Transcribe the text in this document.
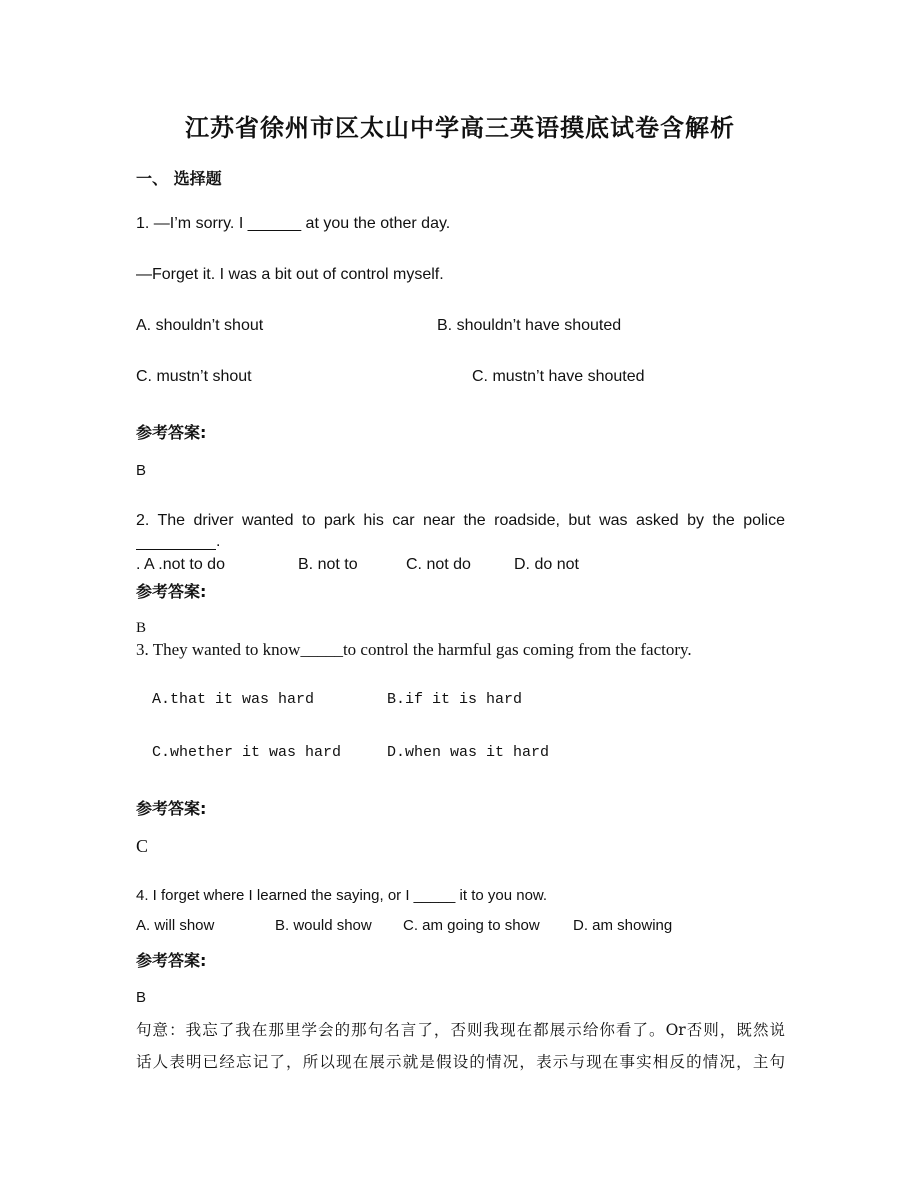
江苏省徐州市区太山中学高三英语摸底试卷含解析
一、 选择题
1. —I’m sorry. I ______ at you the other day.
—Forget it. I was a bit out of control myself.
A. shouldn’t shout	B. shouldn’t have shouted
C. mustn’t shout	C. mustn’t have shouted
参考答案:
B
2. The driver wanted to park his car near the roadside, but was asked by the police
.
. A .not to do	B. not to	C. not do	D. do not
参考答案:
B
3. They wanted to know_____to control the harmful gas coming from the factory.
A.that it was hard	B.if it is hard
C.whether it was hard	D.when was it hard
参考答案:
C
4. I forget where I learned the saying, or I _____ it to you now.
A. will show	B. would show C. am going to show D. am showing
参考答案:
B
句意：我忘了我在那里学会的那句名言了，否则我现在都展示给你看了。Or否则，既然说
话人表明已经忘记了，所以现在展示就是假设的情况，表示与现在事实相反的情况，主句
